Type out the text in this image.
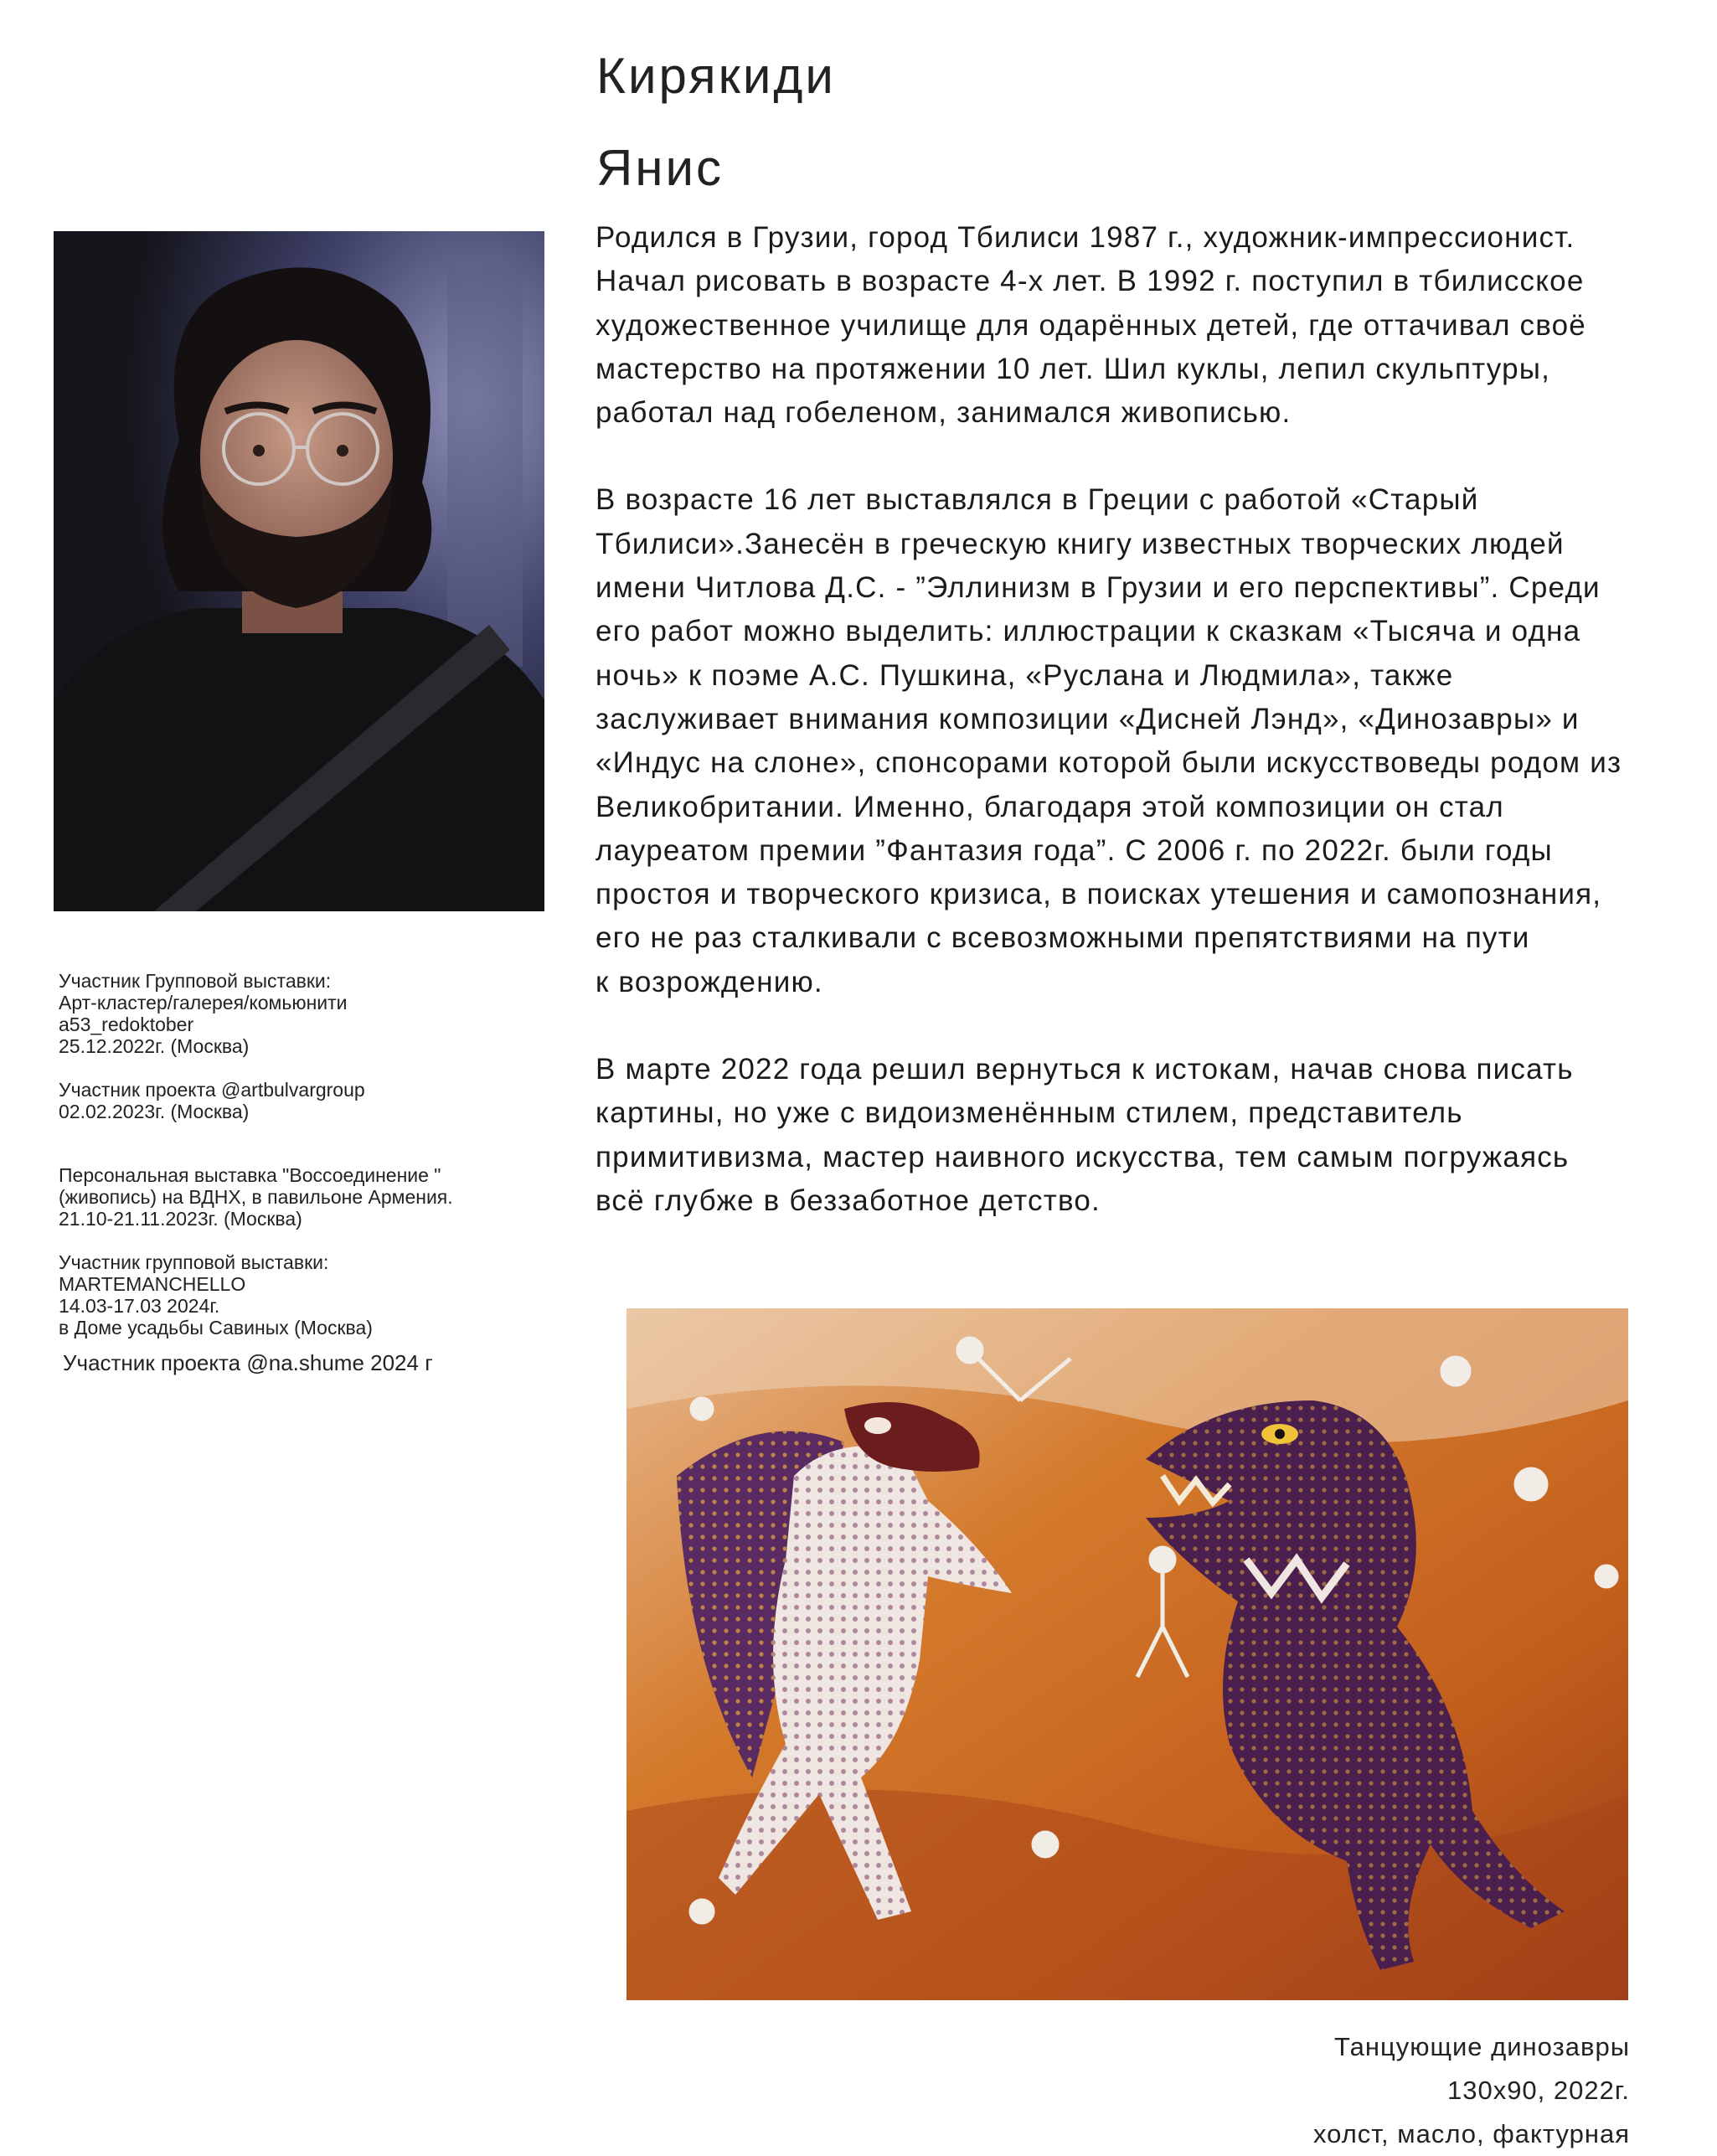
Кирякиди
Янис

Родился в Грузии, город Тбилиси 1987 г., художник-импрессионист.
Начал рисовать в возрасте 4-х лет. В 1992 г. поступил в тбилисское
художественное училище для одарённых детей, где оттачивал своё
мастерство на протяжении 10 лет. Шил куклы, лепил скульптуры,
работал над гобеленом, занимался живописью.

В возрасте 16 лет выставлялся в Греции с работой «Старый
Тбилиси».Занесён в греческую книгу известных творческих людей
имени Читлова Д.С. - ”Эллинизм в Грузии и его перспективы”. Среди
его работ можно выделить: иллюстрации к сказкам «Тысяча и одна
ночь» к поэме А.С. Пушкина, «Руслана и Людмила», также
заслуживает внимания композиции «Дисней Лэнд», «Динозавры» и
«Индус на слоне», спонсорами которой были искусствоведы родом из
Великобритании. Именно, благодаря этой композиции он стал
лауреатом премии ”Фантазия года”. С 2006 г. по 2022г. были годы
простоя и творческого кризиса, в поисках утешения и самопознания,
его не раз сталкивали с всевозможными препятствиями на пути
к возрождению.

В марте 2022 года решил вернуться к истокам, начав снова писать
картины, но уже с видоизменённым стилем, представитель
примитивизма, мастер наивного искусства, тем самым погружаясь
всё глубже в беззаботное детство.

Участник Групповой выставки:
Арт-кластер/галерея/комьюнити
a53_redoktober
25.12.2022г. (Москва)
Участник проекта @artbulvargroup
02.02.2023г. (Москва)
Персональная выставка "Воссоединение "
(живопись) на ВДНХ, в павильоне Армения.
21.10-21.11.2023г. (Москва)
Участник групповой выставки:
MARTEMANCHELLO
14.03-17.03 2024г.
в Доме усадьбы Савиных (Москва)
Участник проекта @na.shume 2024 г
Танцующие динозавры
130x90, 2022г.
холст, масло, фактурная
